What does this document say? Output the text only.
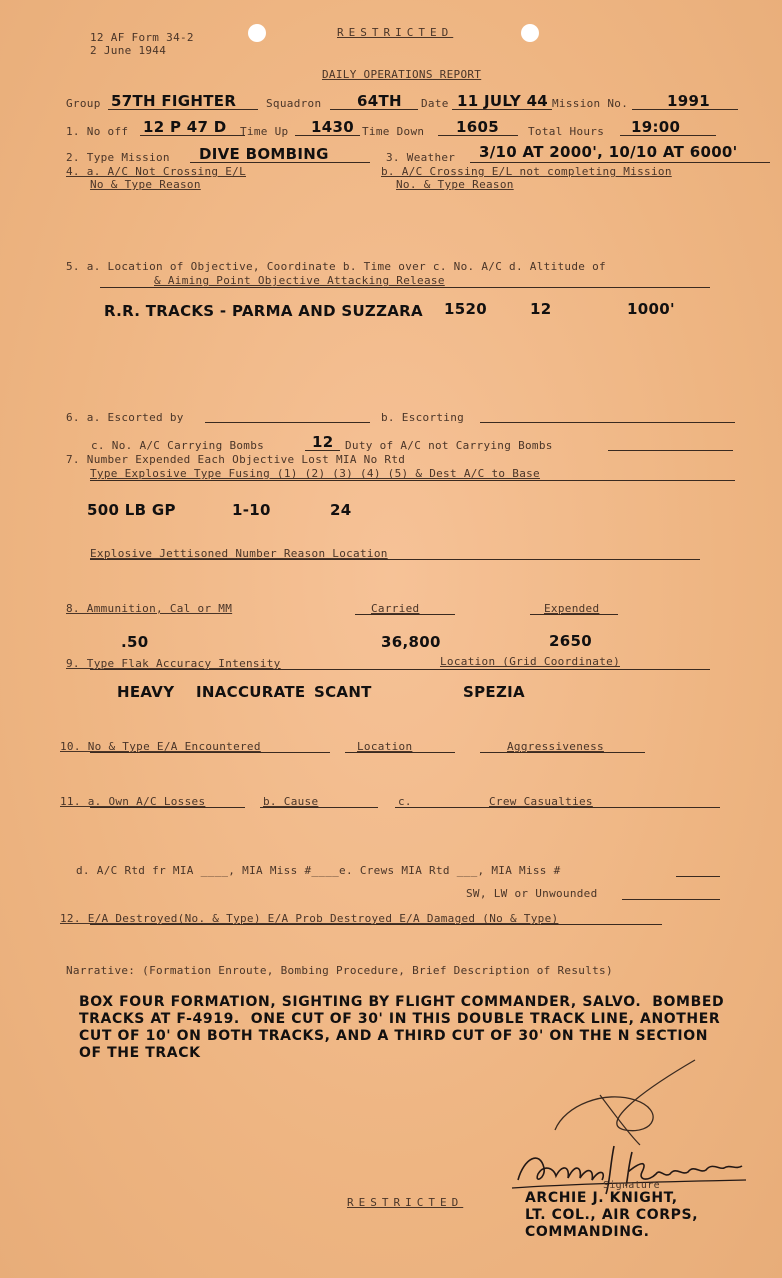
12 AF Form 34-2
2 June 1944
RESTRICTED
DAILY OPERATIONS REPORT
Group 57TH FIGHTER	Squadron 64TH Date 11 JULY 44 Mission No.	1991
1. No off 12 P 47 D Time Up 1430 Time Down 1605	Total Hours 19:00
2. Type Mission DIVE BOMBING	3. Weather 3/10 AT 2000', 10/10 AT 6000'
4. a. A/C Not Crossing E/L
No & Type Reason
b. A/C Crossing E/L not completing Mission
No. & Type Reason
5. a. Location of Objective, Coordinate b. Time over c. No. A/C d. Altitude of
& Aiming Point Objective Attacking Release
R.R. TRACKS - PARMA AND SUZZARA 1520	12	1000'
6. a. Escorted by	b. Escorting
c. No. A/C Carrying Bombs	12 Duty of A/C not Carrying Bombs
7. Number Expended Each Objective Lost MIA No Rtd
Type Explosive Type Fusing (1) (2) (3) (4) (5) & Dest A/C to Base
500 LB GP	1-10	24
Explosive Jettisoned Number Reason Location
8. Ammunition, Cal or MM	Carried	Expended
.50	36,800	2650
9. Type Flak Accuracy Intensity	Location (Grid Coordinate)
HEAVY INACCURATE SCANT	SPEZIA
10. No & Type E/A Encountered	Location	Aggressiveness
11. a. Own A/C Losses	b. Cause	c.	Crew Casualties
d. A/C Rtd fr MIA ____, MIA Miss #____e. Crews MIA Rtd ___, MIA Miss #
SW, LW or Unwounded
12. E/A Destroyed(No. & Type) E/A Prob Destroyed E/A Damaged (No & Type)
Narrative: (Formation Enroute, Bombing Procedure, Brief Description of Results)
BOX FOUR FORMATION, SIGHTING BY FLIGHT COMMANDER, SALVO.  BOMBED
TRACKS AT F-4919.  ONE CUT OF 30' IN THIS DOUBLE TRACK LINE, ANOTHER
CUT OF 10' ON BOTH TRACKS, AND A THIRD CUT OF 30' ON THE N SECTION
OF THE TRACK
Signature
RESTRICTED	ARCHIE J. KNIGHT,
LT. COL., AIR CORPS,
COMMANDING.
